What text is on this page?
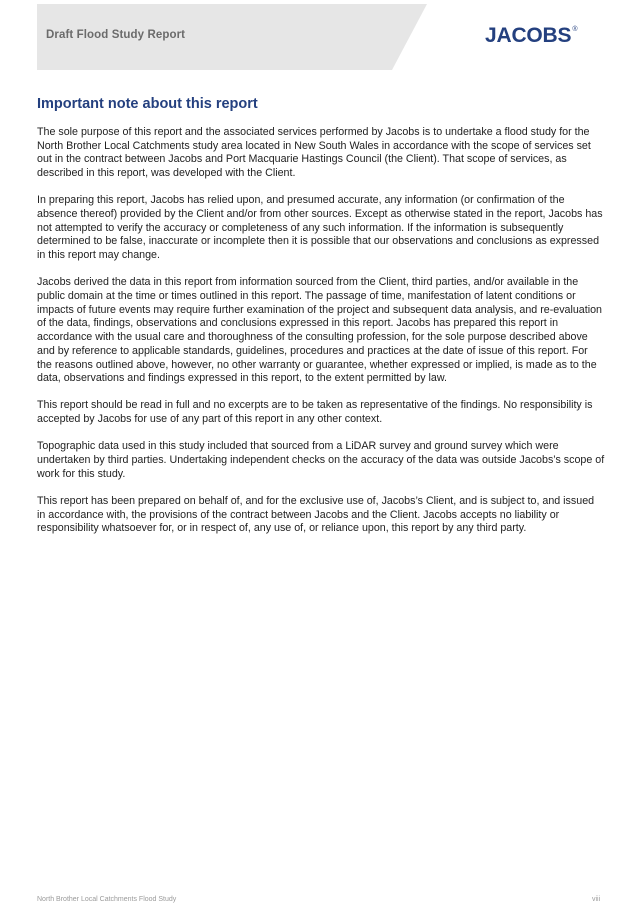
Draft Flood Study Report	JACOBS®
Important note about this report

The sole purpose of this report and the associated services performed by Jacobs is to undertake a flood study for the North Brother Local Catchments study area located in New South Wales in accordance with the scope of services set out in the contract between Jacobs and Port Macquarie Hastings Council (the Client). That scope of services, as described in this report, was developed with the Client.

In preparing this report, Jacobs has relied upon, and presumed accurate, any information (or confirmation of the absence thereof) provided by the Client and/or from other sources. Except as otherwise stated in the report, Jacobs has not attempted to verify the accuracy or completeness of any such information. If the information is subsequently determined to be false, inaccurate or incomplete then it is possible that our observations and conclusions as expressed in this report may change.

Jacobs derived the data in this report from information sourced from the Client, third parties, and/or available in the public domain at the time or times outlined in this report. The passage of time, manifestation of latent conditions or impacts of future events may require further examination of the project and subsequent data analysis, and re-evaluation of the data, findings, observations and conclusions expressed in this report. Jacobs has prepared this report in accordance with the usual care and thoroughness of the consulting profession, for the sole purpose described above and by reference to applicable standards, guidelines, procedures and practices at the date of issue of this report. For the reasons outlined above, however, no other warranty or guarantee, whether expressed or implied, is made as to the data, observations and findings expressed in this report, to the extent permitted by law.

This report should be read in full and no excerpts are to be taken as representative of the findings. No responsibility is accepted by Jacobs for use of any part of this report in any other context.

Topographic data used in this study included that sourced from a LiDAR survey and ground survey which were undertaken by third parties. Undertaking independent checks on the accuracy of the data was outside Jacobs’s scope of work for this study.

This report has been prepared on behalf of, and for the exclusive use of, Jacobs’s Client, and is subject to, and issued in accordance with, the provisions of the contract between Jacobs and the Client. Jacobs accepts no liability or responsibility whatsoever for, or in respect of, any use of, or reliance upon, this report by any third party.

North Brother Local Catchments Flood Study	viii
